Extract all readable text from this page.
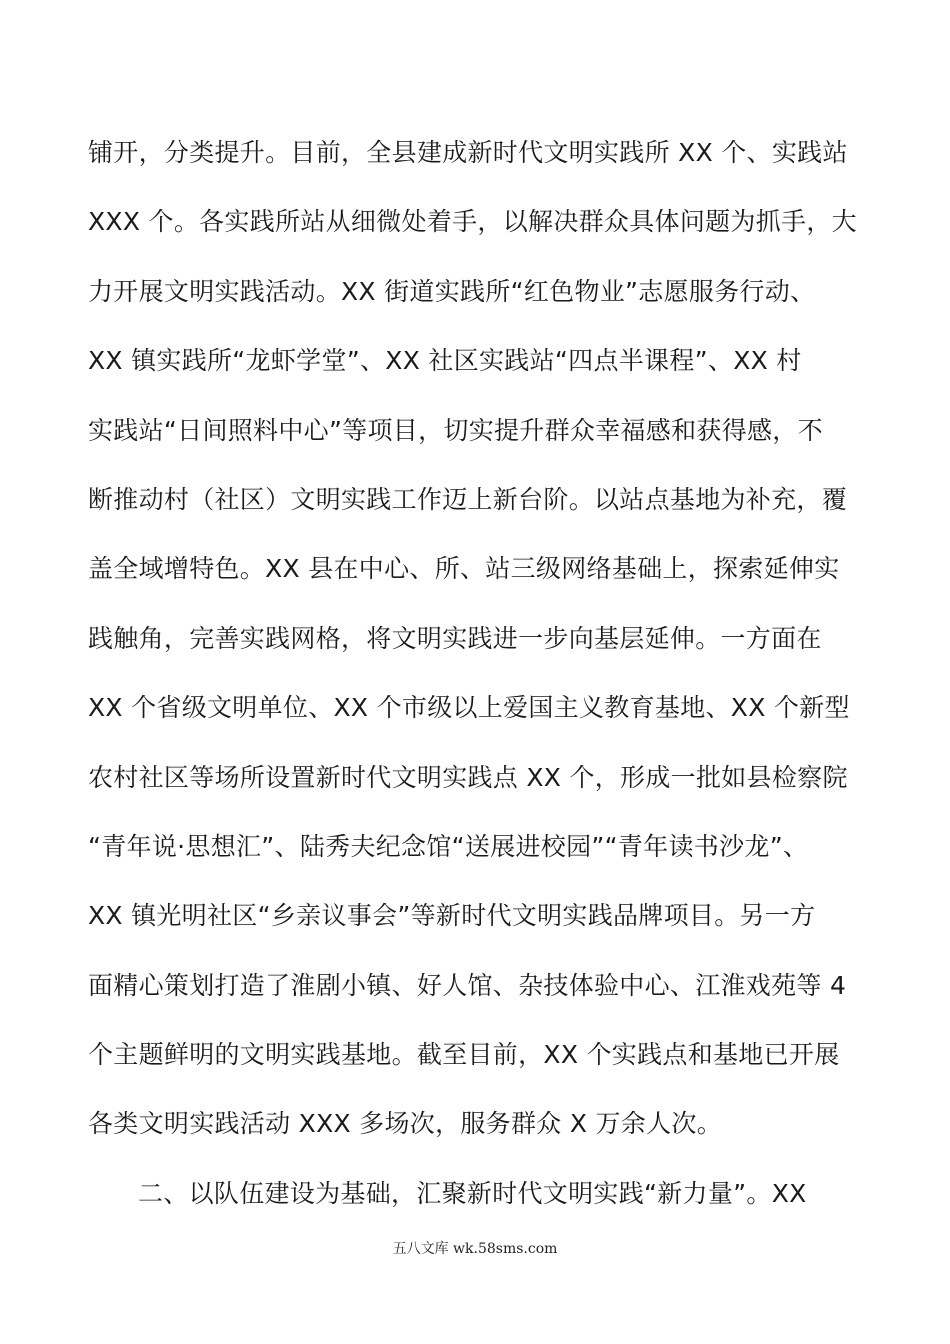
铺开，分类提升。目前，全县建成新时代文明实践所 XX 个、实践站
XXX 个。各实践所站从细微处着手，以解决群众具体问题为抓手，大
力开展文明实践活动。XX 街道实践所“红色物业”志愿服务行动、
XX 镇实践所“龙虾学堂”、XX 社区实践站“四点半课程”、XX 村
实践站“日间照料中心”等项目，切实提升群众幸福感和获得感，不
断推动村（社区）文明实践工作迈上新台阶。以站点基地为补充，覆
盖全域增特色。XX 县在中心、所、站三级网络基础上，探索延伸实
践触角，完善实践网格，将文明实践进一步向基层延伸。一方面在
XX 个省级文明单位、XX 个市级以上爱国主义教育基地、XX 个新型
农村社区等场所设置新时代文明实践点 XX 个，形成一批如县检察院
“青年说·思想汇”、陆秀夫纪念馆“送展进校园”“青年读书沙龙”、
XX 镇光明社区“乡亲议事会”等新时代文明实践品牌项目。另一方
面精心策划打造了淮剧小镇、好人馆、杂技体验中心、江淮戏苑等 4
个主题鲜明的文明实践基地。截至目前，XX 个实践点和基地已开展
各类文明实践活动 XXX 多场次，服务群众 X 万余人次。
二、以队伍建设为基础，汇聚新时代文明实践“新力量”。XX
五八文库 wk.58sms.com
